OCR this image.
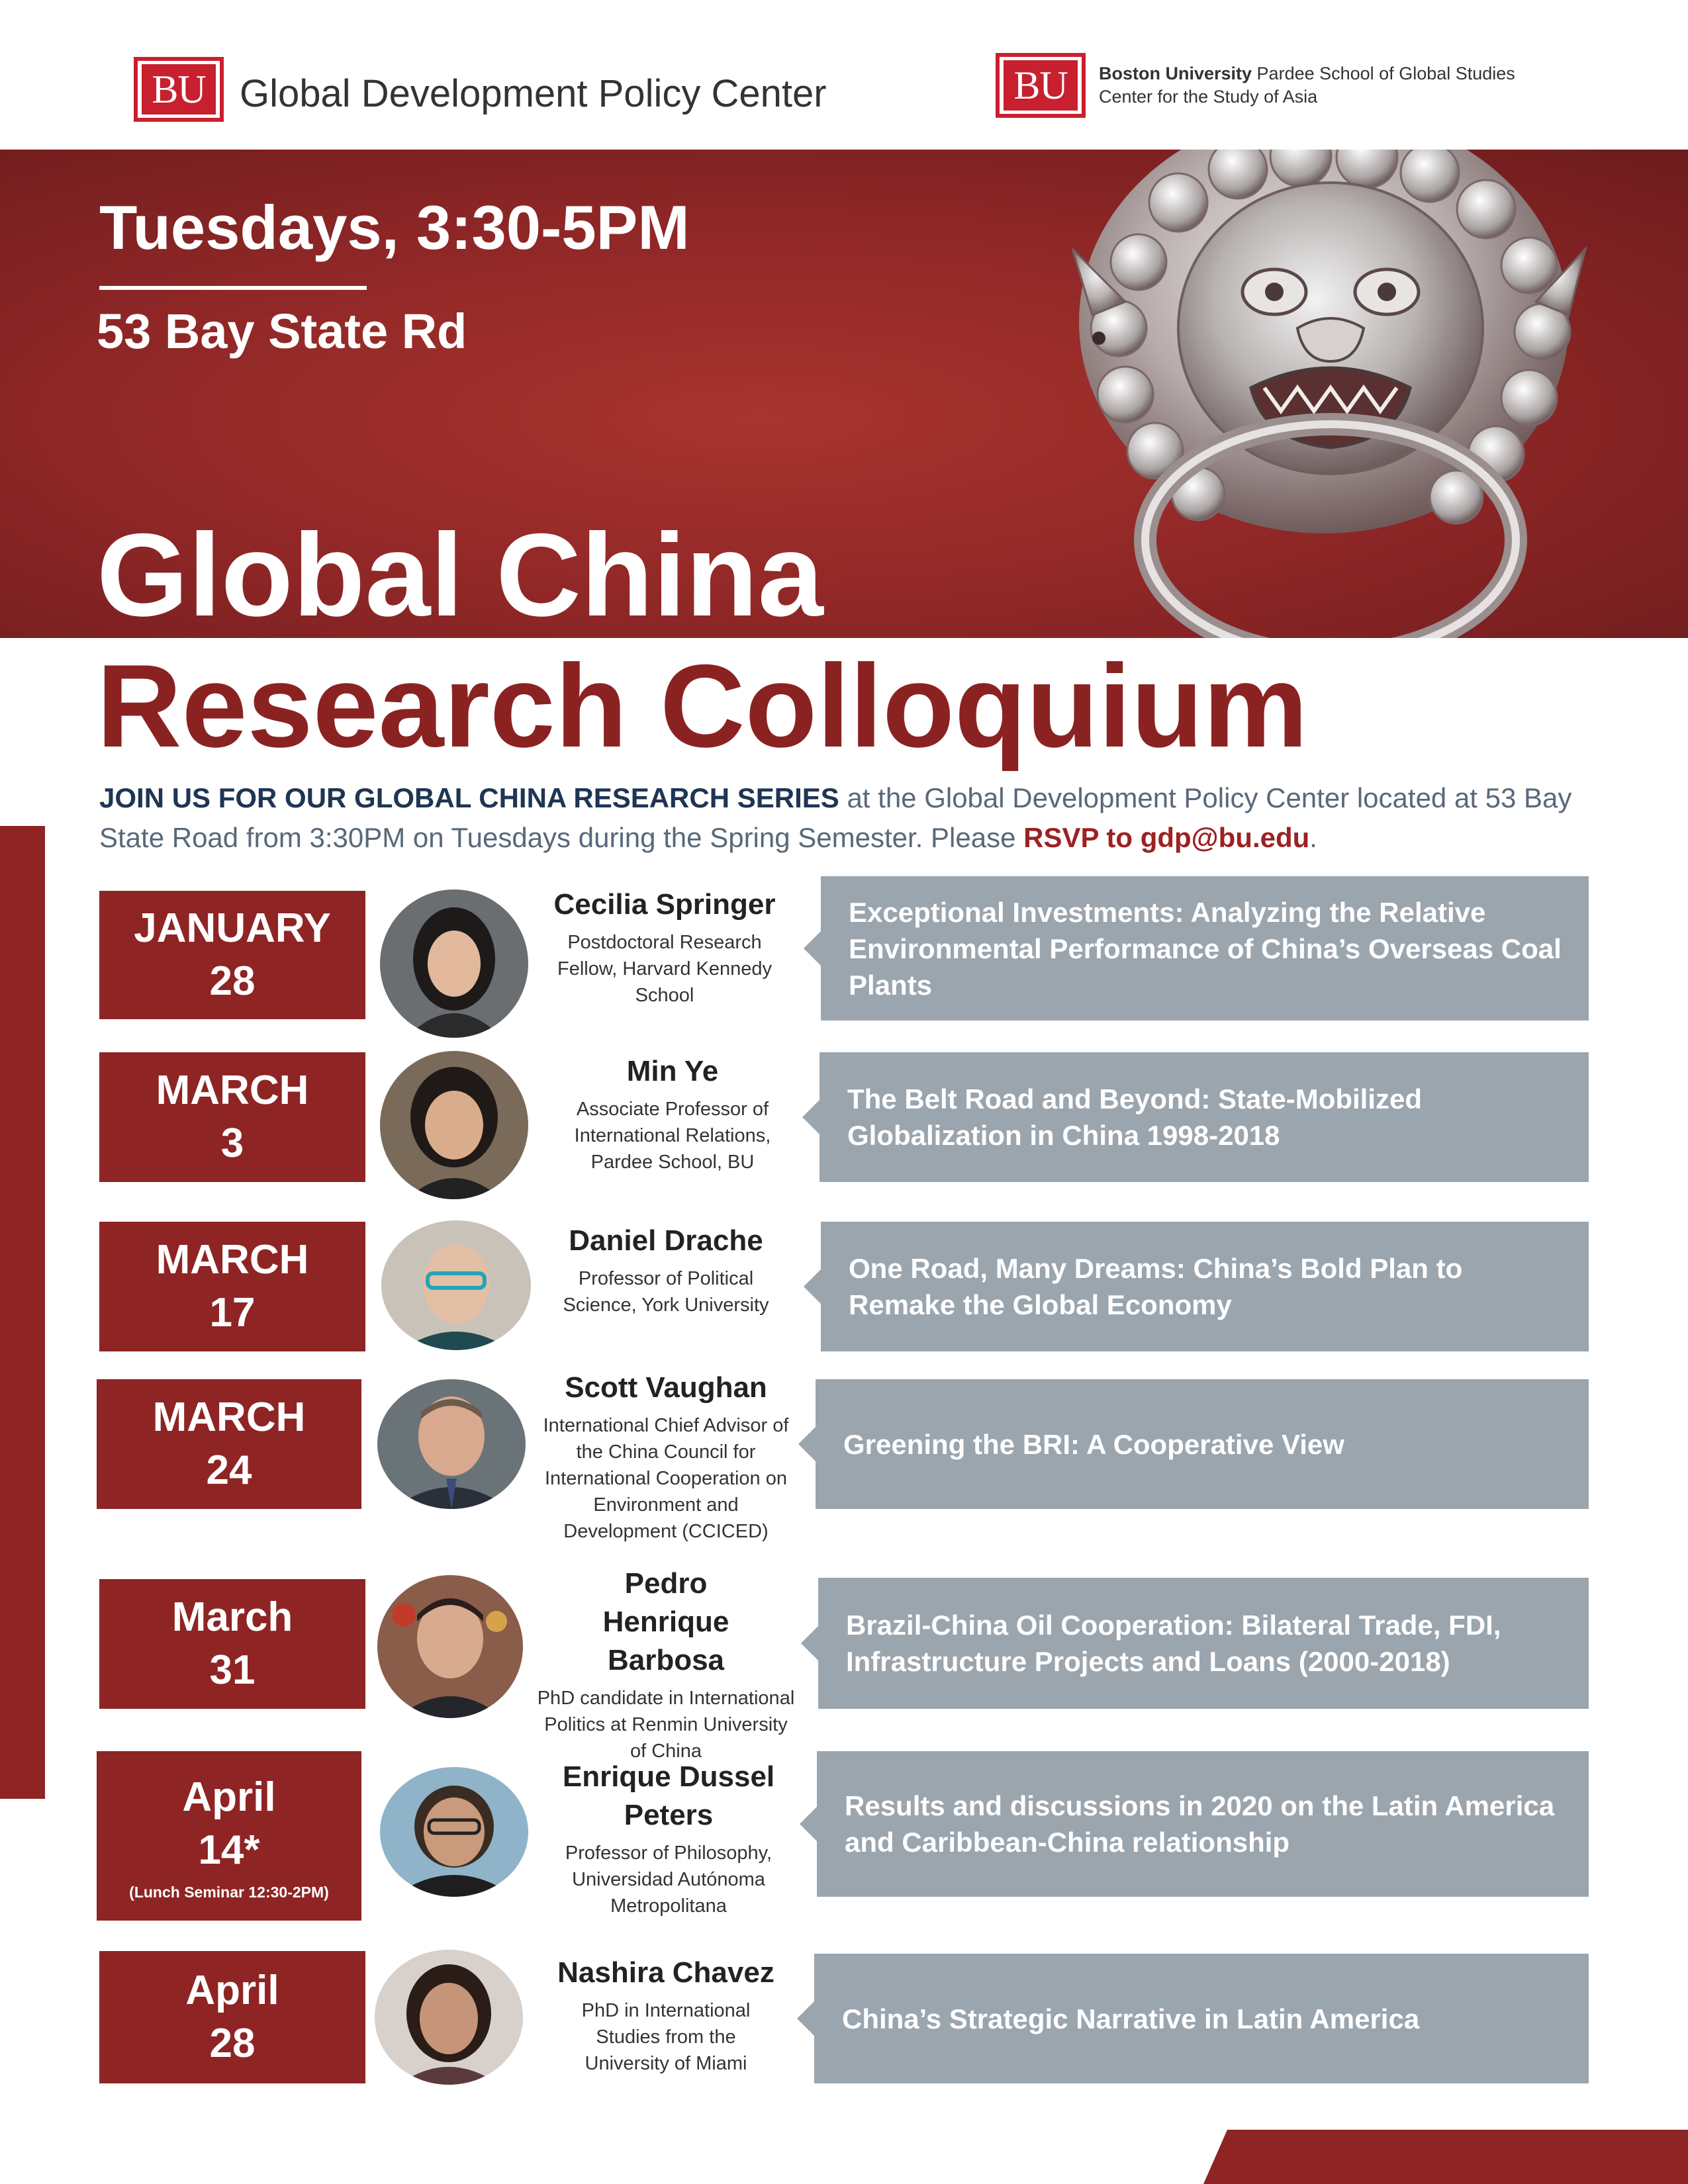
BU Global Development Policy Center	BU	Boston University Pardee School of Global Studies
Center for the Study of Asia
Tuesdays, 3:30-5PM
53 Bay State Rd
Global China
Research Colloquium
JOIN US FOR OUR GLOBAL CHINA RESEARCH SERIES at the Global Development Policy Center located at 53 Bay State Road from 3:30PM on Tuesdays during the Spring Semester. Please RSVP to gdp@bu.edu.
JANUARY
28
Cecilia Springer
Postdoctoral Research Fellow, Harvard Kennedy School
Exceptional Investments: Analyzing the Relative Environmental Performance of China’s Overseas Coal Plants
MARCH
3
Min Ye
Associate Professor of International Relations, Pardee School, BU
The Belt Road and Beyond: State-Mobilized Globalization in China 1998-2018
MARCH
17
Daniel Drache
Professor of Political Science, York University
One Road, Many Dreams: China’s Bold Plan to Remake the Global Economy
MARCH
24
Scott Vaughan
International Chief Advisor of the China Council for International Cooperation on Environment and Development (CCICED)
Greening the BRI: A Cooperative View
March
31
Pedro Henrique Barbosa
PhD candidate in International Politics at Renmin University of China
Brazil-China Oil Cooperation: Bilateral Trade, FDI, Infrastructure Projects and Loans (2000-2018)
April
14*
(Lunch Seminar 12:30-2PM)
Enrique Dussel Peters
Professor of Philosophy, Universidad Autónoma Metropolitana
Results and discussions in 2020 on the Latin America and Caribbean-China relationship
April
28
Nashira Chavez
PhD in International Studies from the University of Miami
China’s Strategic Narrative in Latin America
